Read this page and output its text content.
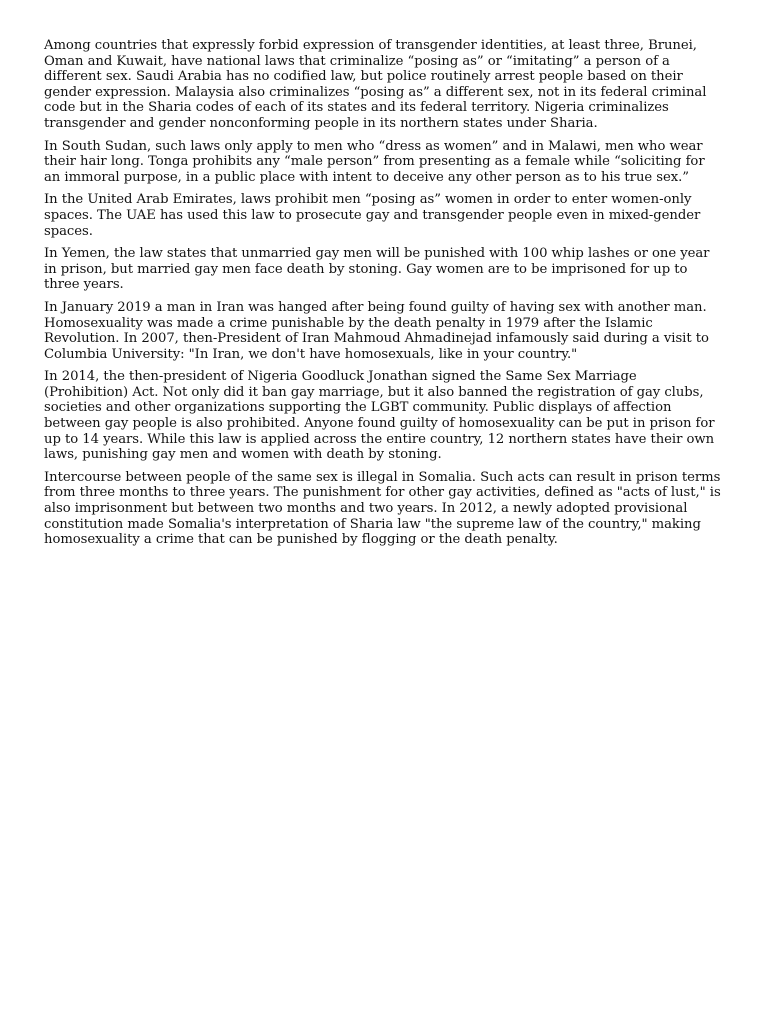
Among countries that expressly forbid expression of transgender identities, at least three, Brunei, Oman and Kuwait, have national laws that criminalize “posing as” or “imitating” a person of a different sex. Saudi Arabia has no codified law, but police routinely arrest people based on their gender expression. Malaysia also criminalizes “posing as” a different sex, not in its federal criminal code but in the Sharia codes of each of its states and its federal territory. Nigeria criminalizes transgender and gender nonconforming people in its northern states under Sharia.

In South Sudan, such laws only apply to men who “dress as women” and in Malawi, men who wear their hair long. Tonga prohibits any “male person” from presenting as a female while “soliciting for an immoral purpose, in a public place with intent to deceive any other person as to his true sex.”

In the United Arab Emirates, laws prohibit men “posing as” women in order to enter women-only spaces. The UAE has used this law to prosecute gay and transgender people even in mixed-gender spaces.

In Yemen, the law states that unmarried gay men will be punished with 100 whip lashes or one year in prison, but married gay men face death by stoning. Gay women are to be imprisoned for up to three years.

In January 2019 a man in Iran was hanged after being found guilty of having sex with another man. Homosexuality was made a crime punishable by the death penalty in 1979 after the Islamic Revolution. In 2007, then-President of Iran Mahmoud Ahmadinejad infamously said during a visit to Columbia University: "In Iran, we don't have homosexuals, like in your country."

In 2014, the then-president of Nigeria Goodluck Jonathan signed the Same Sex Marriage (Prohibition) Act. Not only did it ban gay marriage, but it also banned the registration of gay clubs, societies and other organizations supporting the LGBT community. Public displays of affection between gay people is also prohibited. Anyone found guilty of homosexuality can be put in prison for up to 14 years. While this law is applied across the entire country, 12 northern states have their own laws, punishing gay men and women with death by stoning.

Intercourse between people of the same sex is illegal in Somalia. Such acts can result in prison terms from three months to three years. The punishment for other gay activities, defined as "acts of lust," is also imprisonment but between two months and two years. In 2012, a newly adopted provisional constitution made Somalia's interpretation of Sharia law "the supreme law of the country," making homosexuality a crime that can be punished by flogging or the death penalty.
